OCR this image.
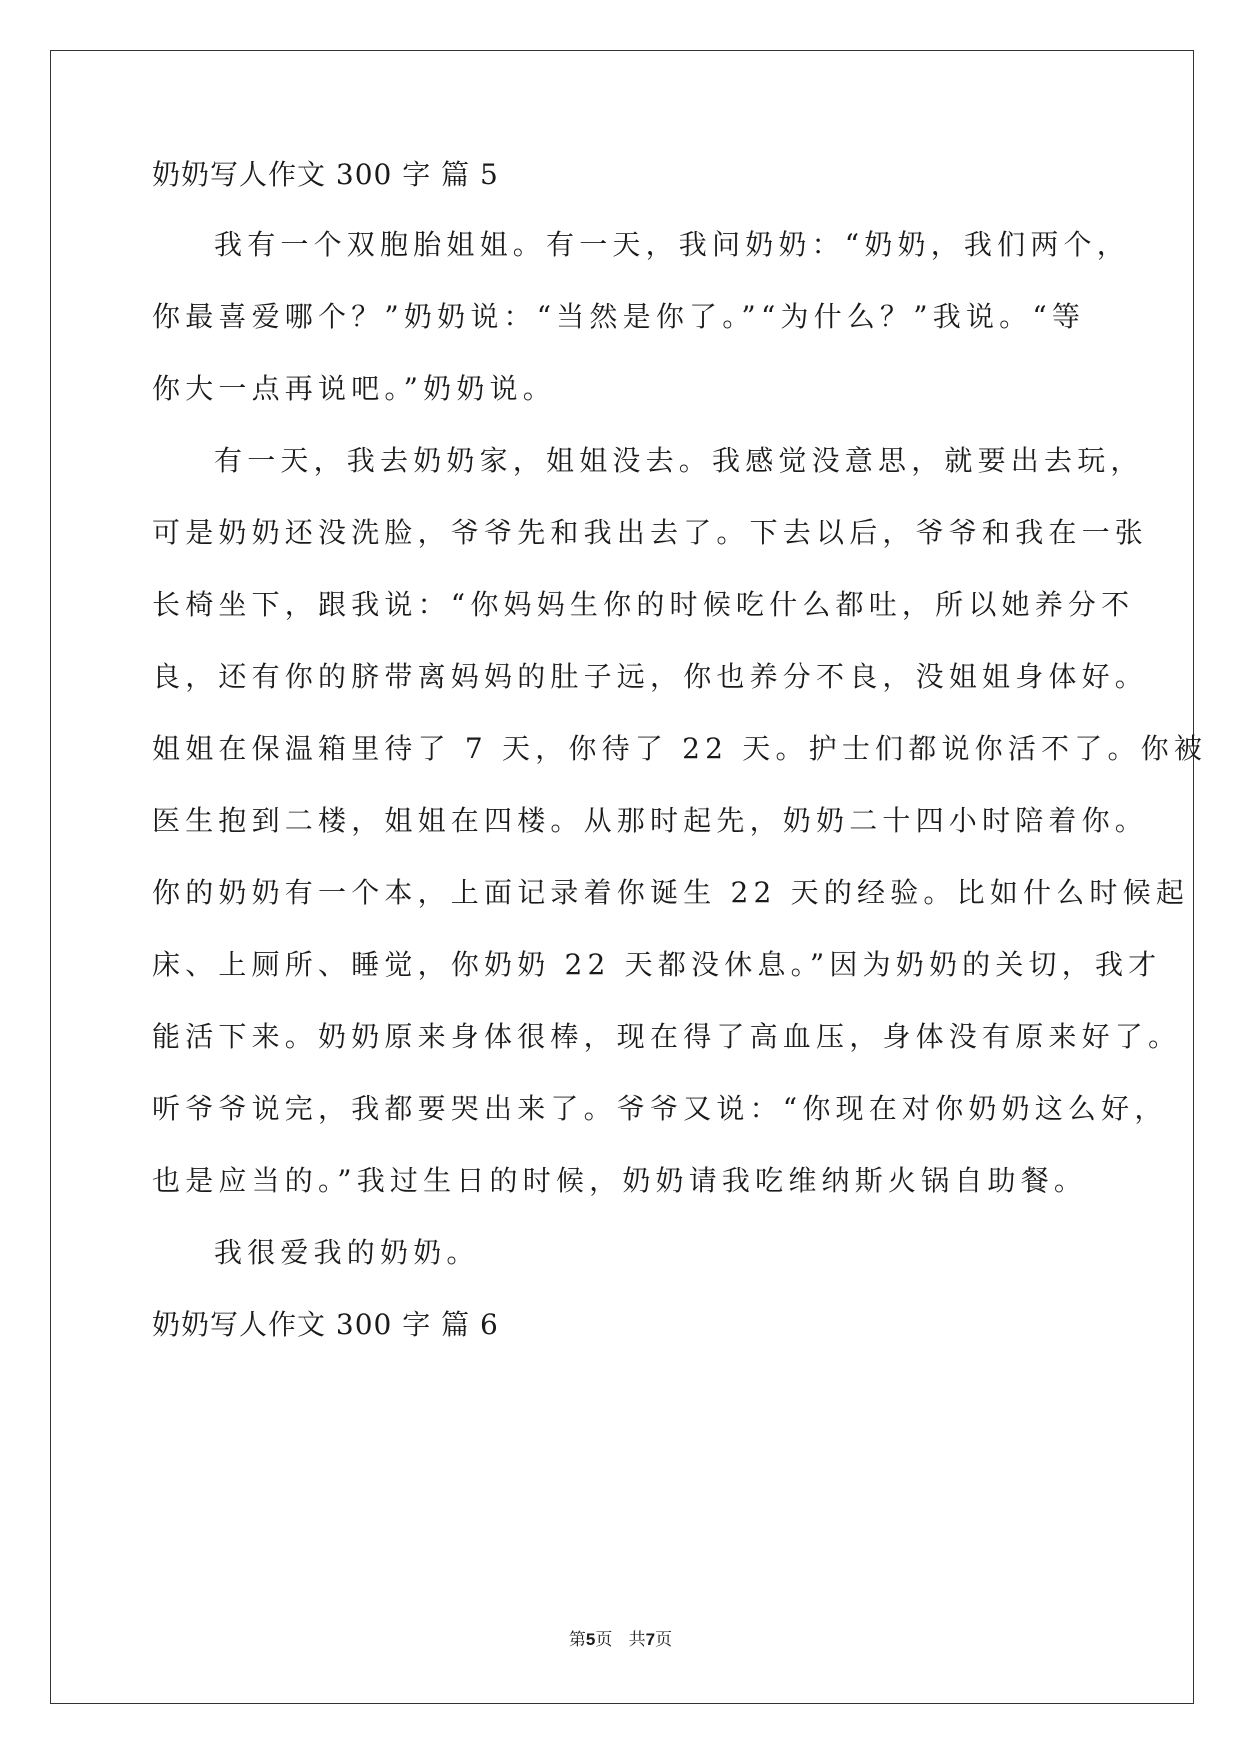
奶奶写人作文 300 字 篇 5
我有一个双胞胎姐姐。有一天，我问奶奶：“奶奶，我们两个，
你最喜爱哪个？”奶奶说：“当然是你了。”“为什么？”我说。“等
你大一点再说吧。”奶奶说。
有一天，我去奶奶家，姐姐没去。我感觉没意思，就要出去玩，
可是奶奶还没洗脸，爷爷先和我出去了。下去以后，爷爷和我在一张
长椅坐下，跟我说：“你妈妈生你的时候吃什么都吐，所以她养分不
良，还有你的脐带离妈妈的肚子远，你也养分不良，没姐姐身体好。
姐姐在保温箱里待了 7 天，你待了 22 天。护士们都说你活不了。你被
医生抱到二楼，姐姐在四楼。从那时起先，奶奶二十四小时陪着你。
你的奶奶有一个本，上面记录着你诞生 22 天的经验。比如什么时候起
床、上厕所、睡觉，你奶奶 22 天都没休息。”因为奶奶的关切，我才
能活下来。奶奶原来身体很棒，现在得了高血压，身体没有原来好了。
听爷爷说完，我都要哭出来了。爷爷又说：“你现在对你奶奶这么好，
也是应当的。”我过生日的时候，奶奶请我吃维纳斯火锅自助餐。
我很爱我的奶奶。
奶奶写人作文 300 字 篇 6
第5页   共7页
